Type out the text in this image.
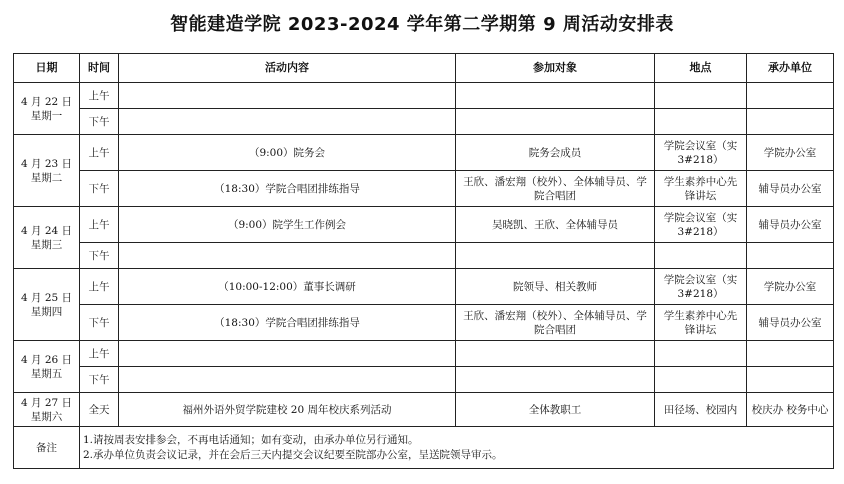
智能建造学院 2023-2024 学年第二学期第 9 周活动安排表
日期	时间	活动内容	参加对象	地点	承办单位

4 月 22 日
星期一	上午				
	下午				

4 月 23 日
星期二	上午	（9:00）院务会	院务会成员	学院会议室（实 3#218）	学院办公室
	下午	（18:30）学院合唱团排练指导	王欣、潘宏翔（校外）、全体辅导员、学院合唱团	学生素养中心先锋讲坛	辅导员办公室

4 月 24 日
星期三	上午	（9:00）院学生工作例会	吴晓凯、王欣、全体辅导员	学院会议室（实 3#218）	辅导员办公室
	下午				

4 月 25 日
星期四	上午	（10:00-12:00）董事长调研	院领导、相关教师	学院会议室（实 3#218）	学院办公室
	下午	（18:30）学院合唱团排练指导	王欣、潘宏翔（校外）、全体辅导员、学院合唱团	学生素养中心先锋讲坛	辅导员办公室

4 月 26 日
星期五	上午				
	下午				

4 月 27 日
星期六	全天	福州外语外贸学院建校 20 周年校庆系列活动	全体教职工	田径场、校园内	校庆办 校务中心
备注	1.请按周表安排参会，不再电话通知；如有变动，由承办单位另行通知。
2.承办单位负责会议记录，并在会后三天内提交会议纪要至院部办公室，呈送院领导审示。				
